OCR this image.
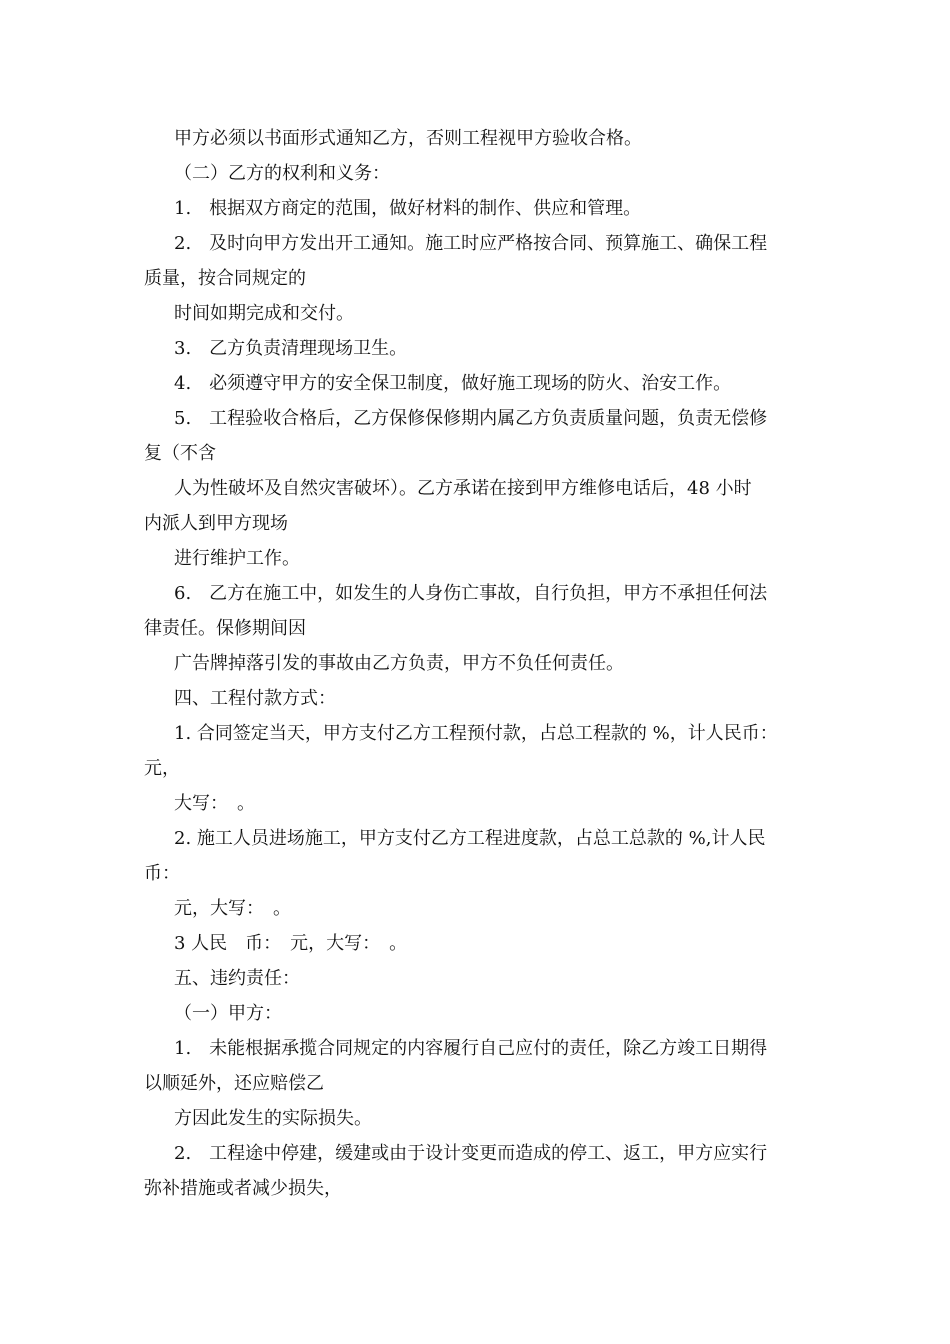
甲方必须以书面形式通知乙方，否则工程视甲方验收合格。
（二）乙方的权利和义务：
1.　根据双方商定的范围，做好材料的制作、供应和管理。
2.　及时向甲方发出开工通知。施工时应严格按合同、预算施工、确保工程
质量，按合同规定的
时间如期完成和交付。
3.　乙方负责清理现场卫生。
4.　必须遵守甲方的安全保卫制度，做好施工现场的防火、治安工作。
5.　工程验收合格后，乙方保修保修期内属乙方负责质量问题，负责无偿修
复（不含
人为性破坏及自然灾害破坏）。乙方承诺在接到甲方维修电话后，48 小时
内派人到甲方现场
进行维护工作。
6.　乙方在施工中，如发生的人身伤亡事故，自行负担，甲方不承担任何法
律责任。保修期间因
广告牌掉落引发的事故由乙方负责，甲方不负任何责任。
四、工程付款方式：
1. 合同签定当天，甲方支付乙方工程预付款，占总工程款的 %，计人民币：
元，
大写：　。
2. 施工人员进场施工，甲方支付乙方工程进度款，占总工总款的 %,计人民
币：
元，大写：　。
3 人民　币：　元，大写：　。
五、违约责任：
（一）甲方：
1.　未能根据承揽合同规定的内容履行自己应付的责任，除乙方竣工日期得
以顺延外，还应赔偿乙
方因此发生的实际损失。
2.　工程途中停建，缓建或由于设计变更而造成的停工、返工，甲方应实行
弥补措施或者减少损失，
